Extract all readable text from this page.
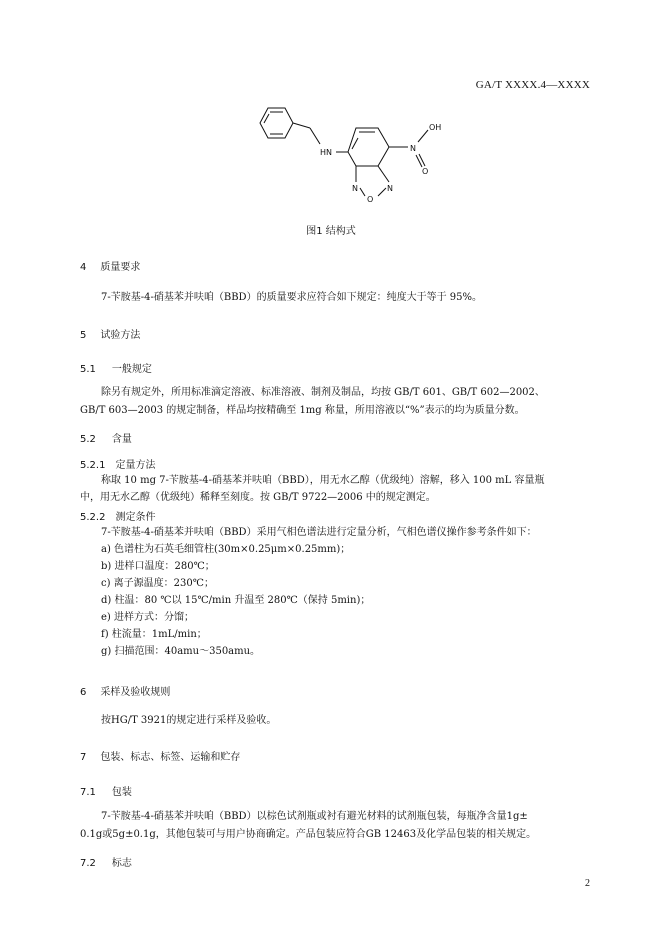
GA/T XXXX.4—XXXX
HN
OH
N
O
N	N
O
图1 结构式
4 质量要求
7-苄胺基-4-硝基苯并呋咱（BBD）的质量要求应符合如下规定：纯度大于等于 95%。
5 试验方法
5.1 一般规定
除另有规定外，所用标准滴定溶液、标准溶液、制剂及制品，均按 GB/T 601、GB/T 602—2002、
GB/T 603—2003 的规定制备，样品均按精确至 1mg 称量，所用溶液以“%”表示的均为质量分数。
5.2 含量
5.2.1 定量方法
称取 10 mg 7-苄胺基-4-硝基苯并呋咱（BBD），用无水乙醇（优级纯）溶解，移入 100 mL 容量瓶
中，用无水乙醇（优级纯）稀释至刻度。按 GB/T 9722—2006 中的规定测定。
5.2.2 测定条件
7-苄胺基-4-硝基苯并呋咱（BBD）采用气相色谱法进行定量分析，气相色谱仪操作参考条件如下：
a) 色谱柱为石英毛细管柱(30m×0.25μm×0.25mm)；
b) 进样口温度：280℃；
c) 离子源温度：230℃；
d) 柱温：80 ℃以 15℃/min 升温至 280℃（保持 5min)；
e) 进样方式：分馏；
f) 柱流量：1mL/min；
g) 扫描范围：40amu～350amu。
6 采样及验收规则
按HG/T 3921的规定进行采样及验收。
7 包装、标志、标签、运输和贮存
7.1 包装
7-苄胺基-4-硝基苯并呋咱（BBD）以棕色试剂瓶或衬有避光材料的试剂瓶包装，每瓶净含量1g±
0.1g或5g±0.1g，其他包装可与用户协商确定。产品包装应符合GB 12463及化学品包装的相关规定。
7.2 标志
2
